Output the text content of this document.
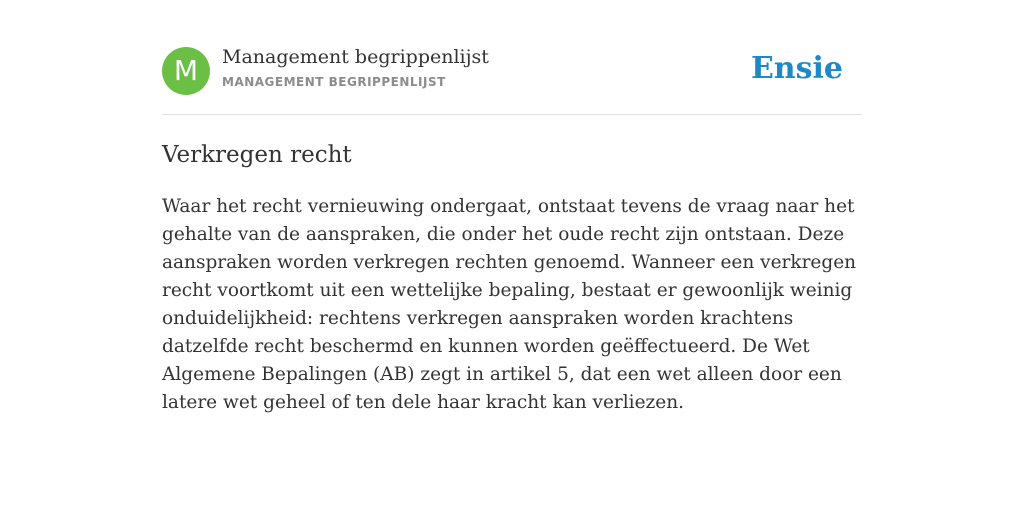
M	Management begrippenlijst
MANAGEMENT BEGRIPPENLIJST	Ensie
Verkregen recht

Waar het recht vernieuwing ondergaat, ontstaat tevens de vraag naar het gehalte van de aanspraken, die onder het oude recht zijn ontstaan. Deze aanspraken worden verkregen rechten genoemd. Wanneer een verkregen recht voortkomt uit een wettelijke bepaling, bestaat er gewoonlijk weinig onduidelijkheid: rechtens verkregen aanspraken worden krachtens datzelfde recht beschermd en kunnen worden geëffectueerd. De Wet Algemene Bepalingen (AB) zegt in artikel 5, dat een wet alleen door een latere wet geheel of ten dele haar kracht kan verliezen.
